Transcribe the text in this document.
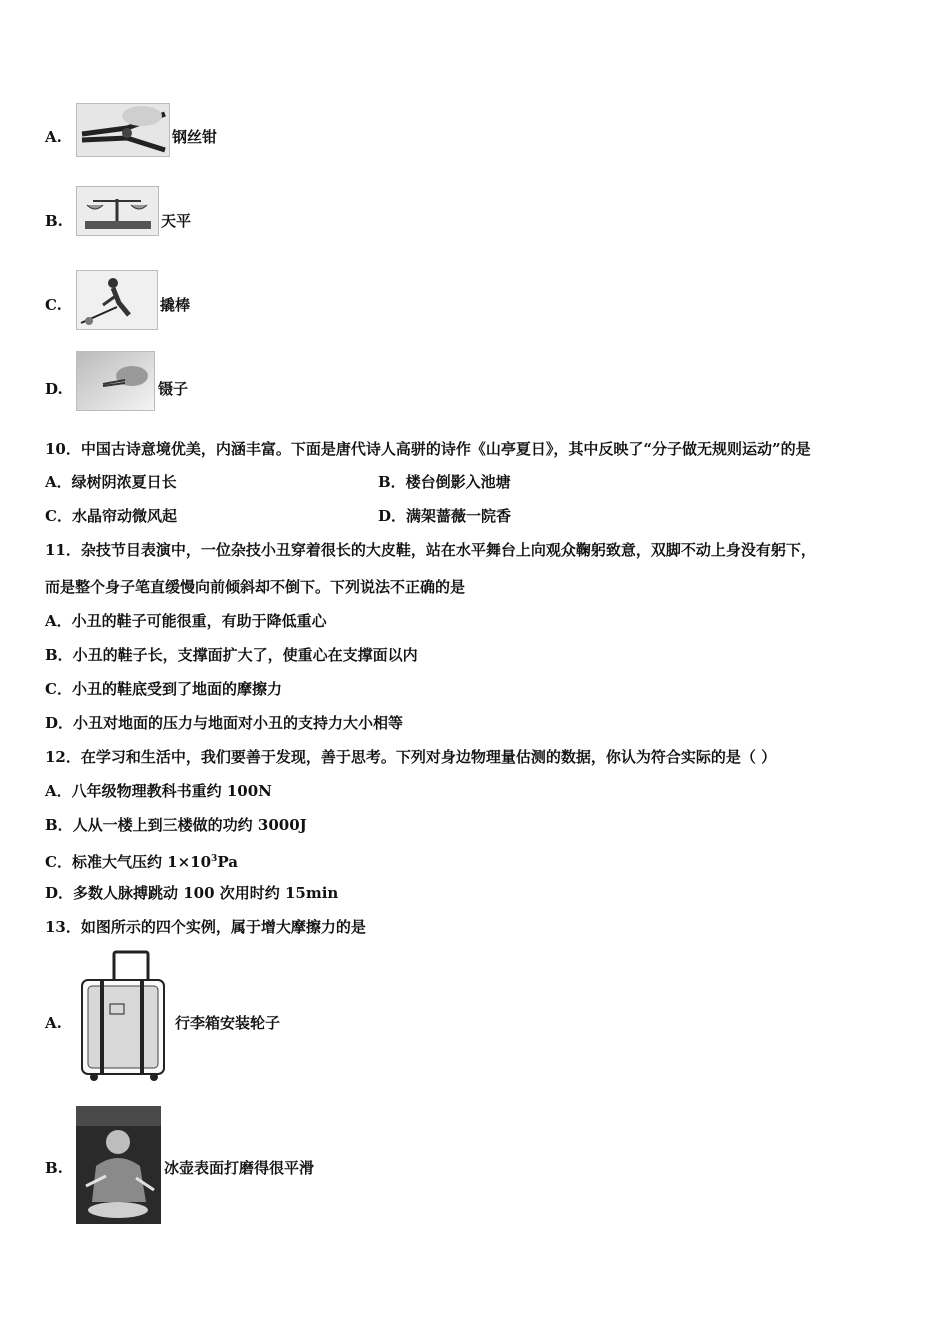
A.	钢丝钳
B.	天平
C.	撬棒
D.	镊子
10．中国古诗意境优美，内涵丰富。下面是唐代诗人高骈的诗作《山亭夏日》，其中反映了“分子做无规则运动”的是
A．绿树阴浓夏日长	B．楼台倒影入池塘
C．水晶帘动微风起	D．满架蔷薇一院香
11．杂技节目表演中，一位杂技小丑穿着很长的大皮鞋，站在水平舞台上向观众鞠躬致意，双脚不动上身没有躬下，
而是整个身子笔直缓慢向前倾斜却不倒下。下列说法不正确的是
A．小丑的鞋子可能很重，有助于降低重心
B．小丑的鞋子长，支撑面扩大了，使重心在支撑面以内
C．小丑的鞋底受到了地面的摩擦力
D．小丑对地面的压力与地面对小丑的支持力大小相等
12．在学习和生活中，我们要善于发现，善于思考。下列对身边物理量估测的数据，你认为符合实际的是（ ）
A．八年级物理教科书重约 100N
B．人从一楼上到三楼做的功约 3000J
C．标准大气压约 $1\times 10^3Pa$
D．多数人脉搏跳动 100 次用时约 15min
13．如图所示的四个实例，属于增大摩擦力的是
A.	行李箱安装轮子
B.	冰壶表面打磨得很平滑
